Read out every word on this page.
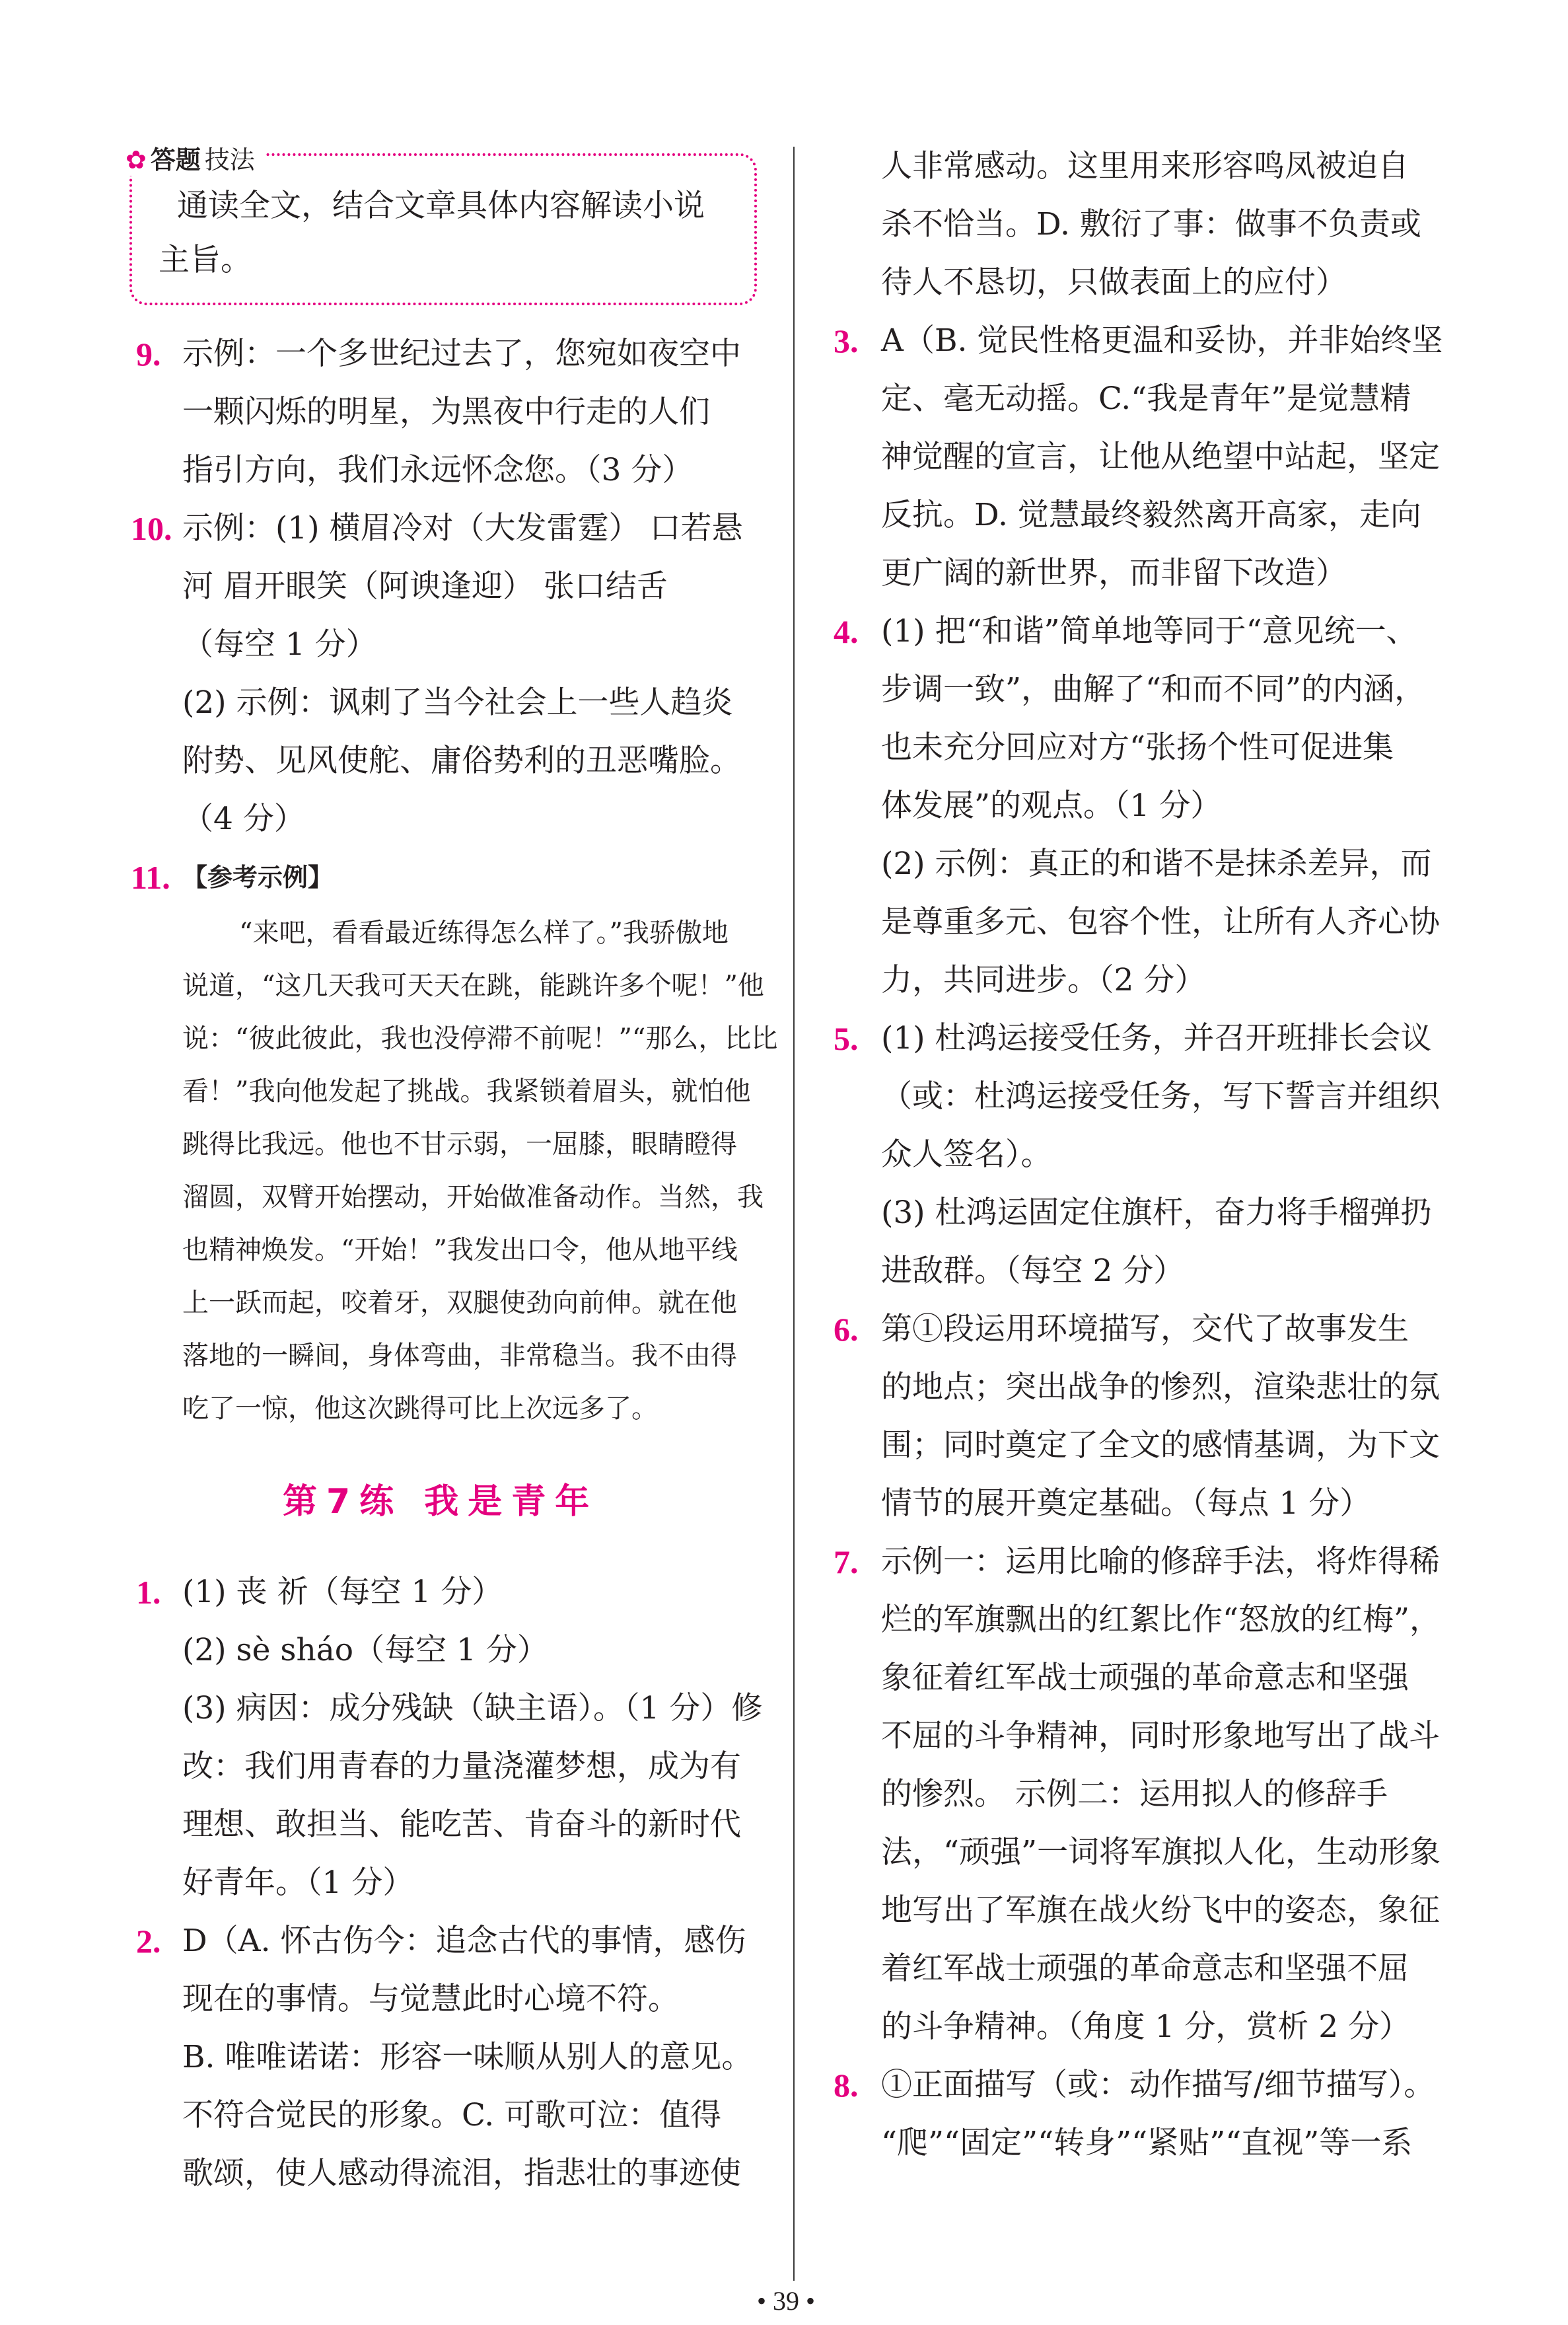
✿ 答题 技法
通读全文，结合文章具体内容解读小说
主旨。
9. 示例：一个多世纪过去了，您宛如夜空中
一颗闪烁的明星，为黑夜中行走的人们
指引方向，我们永远怀念您。（3 分）
10. 示例：(1) 横眉冷对（大发雷霆） 口若悬
河 眉开眼笑（阿谀逢迎） 张口结舌
（每空 1 分）
(2) 示例：讽刺了当今社会上一些人趋炎
附势、见风使舵、庸俗势利的丑恶嘴脸。
（4 分）
11. 【参考示例】
“来吧，看看最近练得怎么样了。”我骄傲地
说道，“这几天我可天天在跳，能跳许多个呢！”他
说：“彼此彼此，我也没停滞不前呢！”“那么，比比
看！”我向他发起了挑战。我紧锁着眉头，就怕他
跳得比我远。他也不甘示弱，一屈膝，眼睛瞪得
溜圆，双臂开始摆动，开始做准备动作。当然，我
也精神焕发。“开始！”我发出口令，他从地平线
上一跃而起，咬着牙，双腿使劲向前伸。就在他
落地的一瞬间，身体弯曲，非常稳当。我不由得
吃了一惊，他这次跳得可比上次远多了。
第7练 我是青年
1. (1) 丧 祈（每空 1 分）
(2) sè sháo（每空 1 分）
(3) 病因：成分残缺（缺主语）。（1 分）修
改：我们用青春的力量浇灌梦想，成为有
理想、敢担当、能吃苦、肯奋斗的新时代
好青年。（1 分）
2. D（A. 怀古伤今：追念古代的事情，感伤
现在的事情。与觉慧此时心境不符。
B. 唯唯诺诺：形容一味顺从别人的意见。
不符合觉民的形象。C. 可歌可泣：值得
歌颂，使人感动得流泪，指悲壮的事迹使
人非常感动。这里用来形容鸣凤被迫自
杀不恰当。D. 敷衍了事：做事不负责或
待人不恳切，只做表面上的应付）
3. A（B. 觉民性格更温和妥协，并非始终坚
定、毫无动摇。C.“我是青年”是觉慧精
神觉醒的宣言，让他从绝望中站起，坚定
反抗。D. 觉慧最终毅然离开高家，走向
更广阔的新世界，而非留下改造）
4. (1) 把“和谐”简单地等同于“意见统一、
步调一致”，曲解了“和而不同”的内涵，
也未充分回应对方“张扬个性可促进集
体发展”的观点。（1 分）
(2) 示例：真正的和谐不是抹杀差异，而
是尊重多元、包容个性，让所有人齐心协
力，共同进步。（2 分）
5. (1) 杜鸿运接受任务，并召开班排长会议
（或：杜鸿运接受任务，写下誓言并组织
众人签名）。
(3) 杜鸿运固定住旗杆，奋力将手榴弹扔
进敌群。（每空 2 分）
6. 第①段运用环境描写，交代了故事发生
的地点；突出战争的惨烈，渲染悲壮的氛
围；同时奠定了全文的感情基调，为下文
情节的展开奠定基础。（每点 1 分）
7. 示例一：运用比喻的修辞手法，将炸得稀
烂的军旗飘出的红絮比作“怒放的红梅”，
象征着红军战士顽强的革命意志和坚强
不屈的斗争精神，同时形象地写出了战斗
的惨烈。 示例二：运用拟人的修辞手
法，“顽强”一词将军旗拟人化，生动形象
地写出了军旗在战火纷飞中的姿态，象征
着红军战士顽强的革命意志和坚强不屈
的斗争精神。（角度 1 分，赏析 2 分）
8. ①正面描写（或：动作描写/细节描写）。
“爬”“固定”“转身”“紧贴”“直视”等一系
• 39 •
